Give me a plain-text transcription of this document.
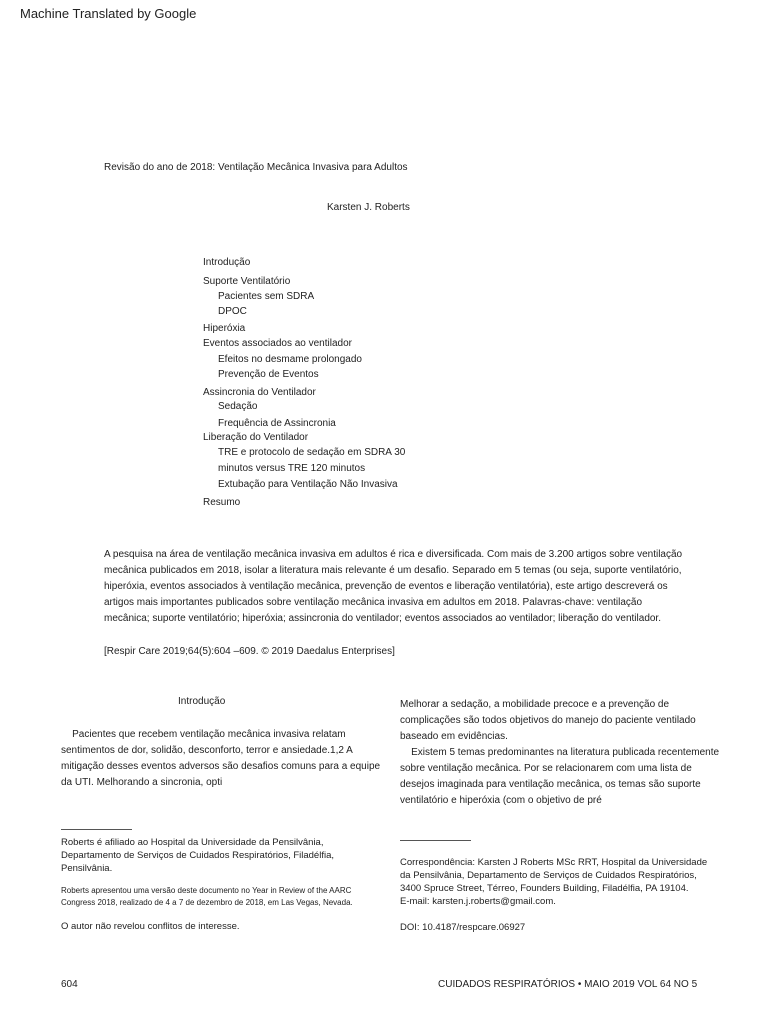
Machine Translated by Google
Revisão do ano de 2018: Ventilação Mecânica Invasiva para Adultos
Karsten J. Roberts
Introdução
Suporte Ventilatório
Pacientes sem SDRA
DPOC
Hiperóxia
Eventos associados ao ventilador
Efeitos no desmame prolongado
Prevenção de Eventos
Assincronia do Ventilador
Sedação
Frequência de Assincronia
Liberação do Ventilador
TRE e protocolo de sedação em SDRA 30
minutos versus TRE 120 minutos
Extubação para Ventilação Não Invasiva
Resumo
A pesquisa na área de ventilação mecânica invasiva em adultos é rica e diversificada. Com mais de 3.200 artigos sobre ventilação
mecânica publicados em 2018, isolar a literatura mais relevante é um desafio. Separado em 5 temas (ou seja, suporte ventilatório,
hiperóxia, eventos associados à ventilação mecânica, prevenção de eventos e liberação ventilatória), este artigo descreverá os
artigos mais importantes publicados sobre ventilação mecânica invasiva em adultos em 2018. Palavras-chave: ventilação
mecânica; suporte ventilatório; hiperóxia; assincronia do ventilador; eventos associados ao ventilador; liberação do ventilador.
[Respir Care 2019;64(5):604 –609. © 2019 Daedalus Enterprises]
Introdução
Pacientes que recebem ventilação mecânica invasiva relatam
sentimentos de dor, solidão, desconforto, terror e ansiedade.1,2 A
mitigação desses eventos adversos são desafios comuns para a equipe
da UTI. Melhorando a sincronia, opti
Melhorar a sedação, a mobilidade precoce e a prevenção de
complicações são todos objetivos do manejo do paciente ventilado
baseado em evidências.
Existem 5 temas predominantes na literatura publicada recentemente
sobre ventilação mecânica. Por se relacionarem com uma lista de
desejos imaginada para ventilação mecânica, os temas são suporte
ventilatório e hiperóxia (com o objetivo de pré
Roberts é afiliado ao Hospital da Universidade da Pensilvânia,
Departamento de Serviços de Cuidados Respiratórios, Filadélfia,
Pensilvânia.
Roberts apresentou uma versão deste documento no Year in Review of the AARC
Congress 2018, realizado de 4 a 7 de dezembro de 2018, em Las Vegas, Nevada.
O autor não revelou conflitos de interesse.
Correspondência: Karsten J Roberts MSc RRT, Hospital da Universidade
da Pensilvânia, Departamento de Serviços de Cuidados Respiratórios,
3400 Spruce Street, Térreo, Founders Building, Filadélfia, PA 19104.
E-mail: karsten.j.roberts@gmail.com.
DOI: 10.4187/respcare.06927
604	CUIDADOS RESPIRATÓRIOS • MAIO 2019 VOL 64 NO 5
